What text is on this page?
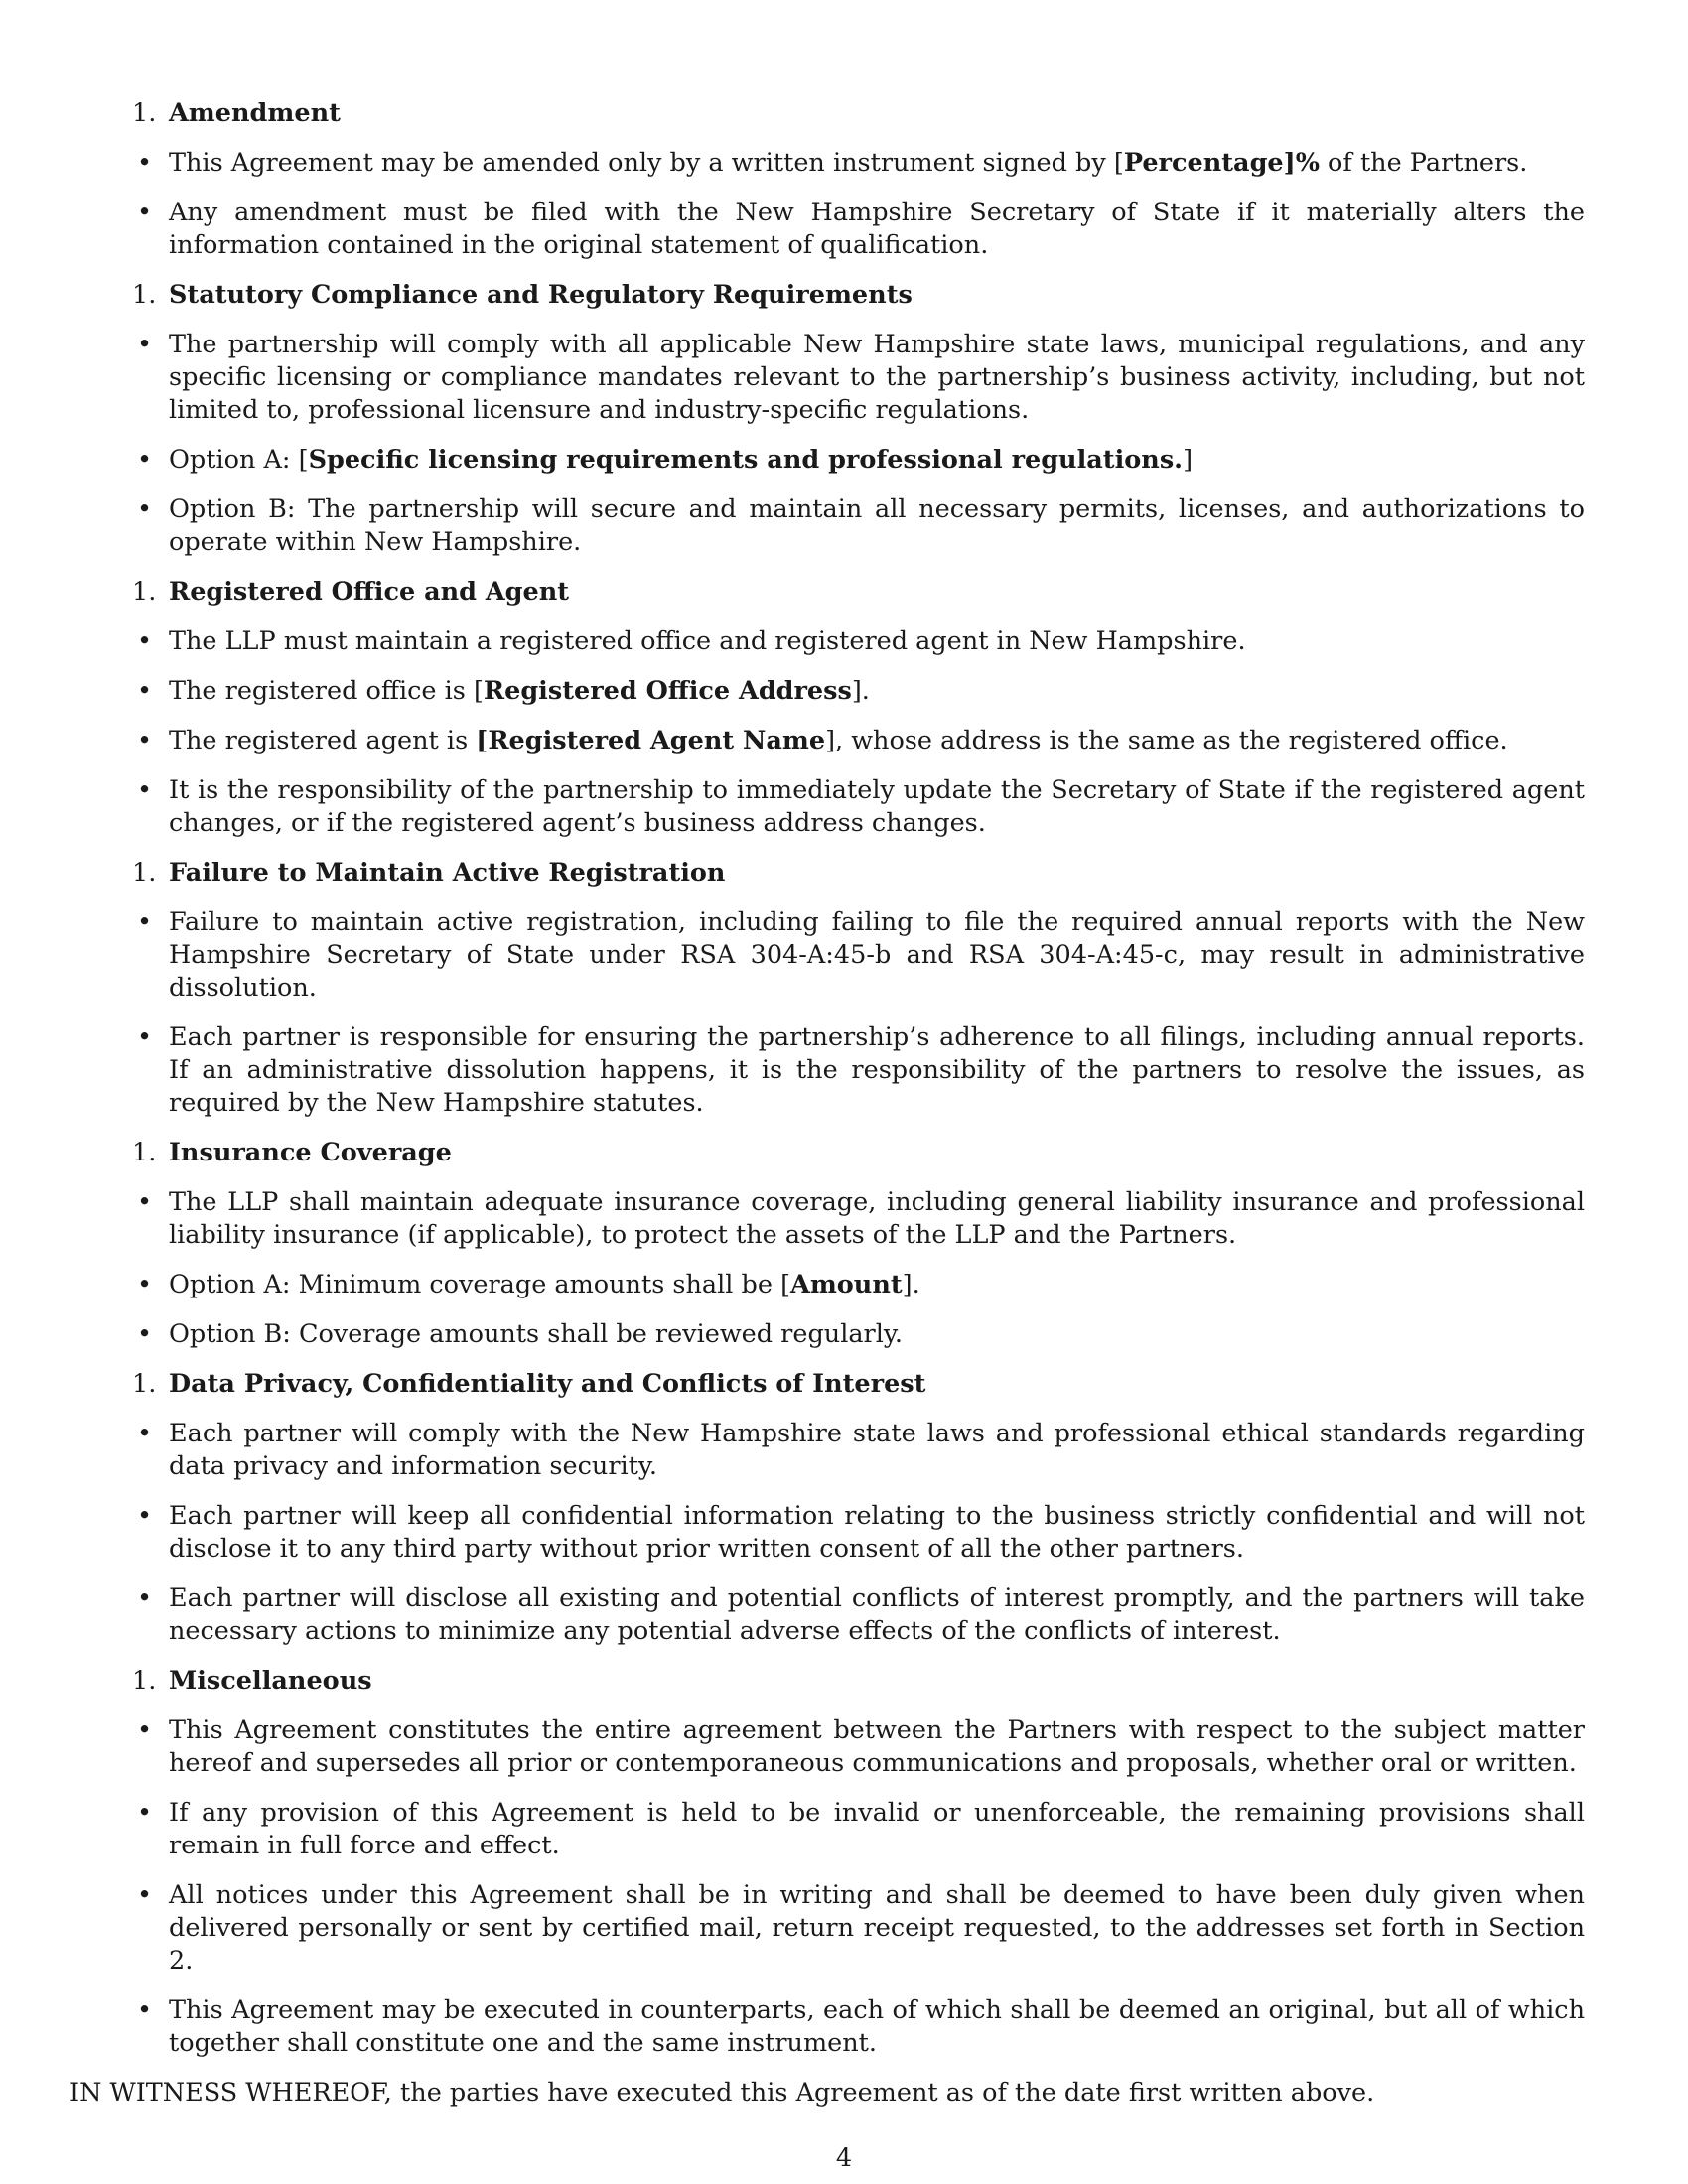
1. Amendment
• This Agreement may be amended only by a written instrument signed by [Percentage]% of the Partners.
• Any amendment must be filed with the New Hampshire Secretary of State if it materially alters the information contained in the original statement of qualification.
1. Statutory Compliance and Regulatory Requirements
• The partnership will comply with all applicable New Hampshire state laws, municipal regulations, and any specific licensing or compliance mandates relevant to the partnership’s business activity, including, but not limited to, professional licensure and industry-specific regulations.
• Option A: [Specific licensing requirements and professional regulations.]
• Option B: The partnership will secure and maintain all necessary permits, licenses, and authorizations to operate within New Hampshire.
1. Registered Office and Agent
• The LLP must maintain a registered office and registered agent in New Hampshire.
• The registered office is [Registered Office Address].
• The registered agent is [Registered Agent Name], whose address is the same as the registered office.
• It is the responsibility of the partnership to immediately update the Secretary of State if the registered agent changes, or if the registered agent’s business address changes.
1. Failure to Maintain Active Registration
• Failure to maintain active registration, including failing to file the required annual reports with the New Hampshire Secretary of State under RSA 304-A:45-b and RSA 304-A:45-c, may result in administrative dissolution.
• Each partner is responsible for ensuring the partnership’s adherence to all filings, including annual reports. If an administrative dissolution happens, it is the responsibility of the partners to resolve the issues, as required by the New Hampshire statutes.
1. Insurance Coverage
• The LLP shall maintain adequate insurance coverage, including general liability insurance and professional liability insurance (if applicable), to protect the assets of the LLP and the Partners.
• Option A: Minimum coverage amounts shall be [Amount].
• Option B: Coverage amounts shall be reviewed regularly.
1. Data Privacy, Confidentiality and Conflicts of Interest
• Each partner will comply with the New Hampshire state laws and professional ethical standards regarding data privacy and information security.
• Each partner will keep all confidential information relating to the business strictly confidential and will not disclose it to any third party without prior written consent of all the other partners.
• Each partner will disclose all existing and potential conflicts of interest promptly, and the partners will take necessary actions to minimize any potential adverse effects of the conflicts of interest.
1. Miscellaneous
• This Agreement constitutes the entire agreement between the Partners with respect to the subject matter hereof and supersedes all prior or contemporaneous communications and proposals, whether oral or written.
• If any provision of this Agreement is held to be invalid or unenforceable, the remaining provisions shall remain in full force and effect.
• All notices under this Agreement shall be in writing and shall be deemed to have been duly given when delivered personally or sent by certified mail, return receipt requested, to the addresses set forth in Section 2.
• This Agreement may be executed in counterparts, each of which shall be deemed an original, but all of which together shall constitute one and the same instrument.

IN WITNESS WHEREOF, the parties have executed this Agreement as of the date first written above.

4
